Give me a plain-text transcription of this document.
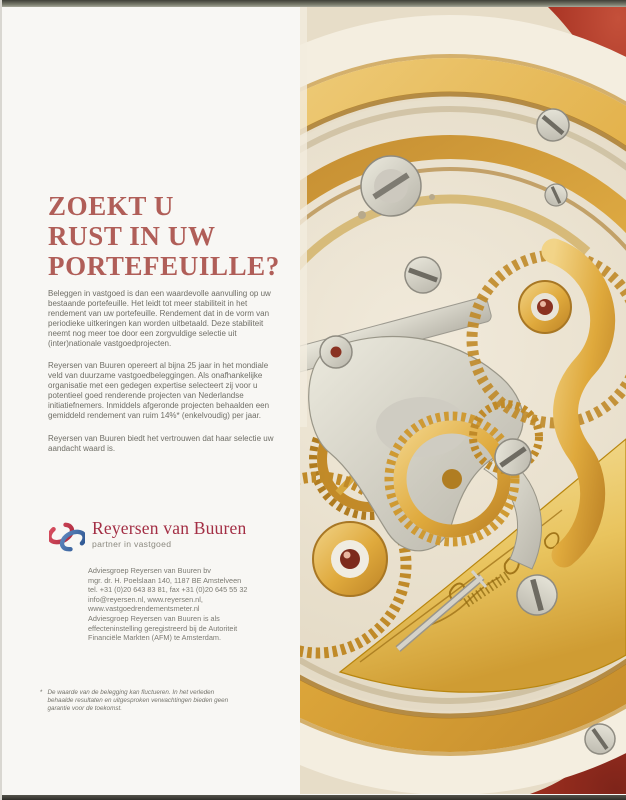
ZOEKT U
RUST IN UW
PORTEFEUILLE?

Beleggen in vastgoed is dan een waardevolle aanvulling op uw bestaande portefeuille. Het leidt tot meer stabiliteit in het rendement van uw portefeuille. Rendement dat in de vorm van periodieke uitkeringen kan worden uitbetaald. Deze stabiliteit neemt nog meer toe door een zorgvuldige selectie uit (inter)nationale vastgoedprojecten.

Reyersen van Buuren opereert al bijna 25 jaar in het mondiale veld van duurzame vastgoedbeleggingen. Als onafhankelijke organisatie met een gedegen expertise selecteert zij voor u potentieel goed renderende projecten van Nederlandse initiatiefnemers. Inmiddels afgeronde projecten behaalden een gemiddeld rendement van ruim 14%* (enkelvoudig) per jaar.

Reyersen van Buuren biedt het vertrouwen dat haar selectie uw aandacht waard is.

Reyersen van Buuren
partner in vastgoed
Adviesgroep Reyersen van Buuren bv
mgr. dr. H. Poelslaan 140, 1187 BE Amstelveen
tel. +31 (0)20 643 83 81, fax +31 (0)20 645 55 32
info@reyersen.nl, www.reyersen.nl,
www.vastgoedrendementsmeter.nl
Adviesgroep Reyersen van Buuren is als effecteninstelling geregistreerd bij de Autoriteit Financiële Markten (AFM) te Amsterdam.
* De waarde van de belegging kan fluctueren. In het verleden behaalde resultaten en uitgesproken verwachtingen bieden geen garantie voor de toekomst.
